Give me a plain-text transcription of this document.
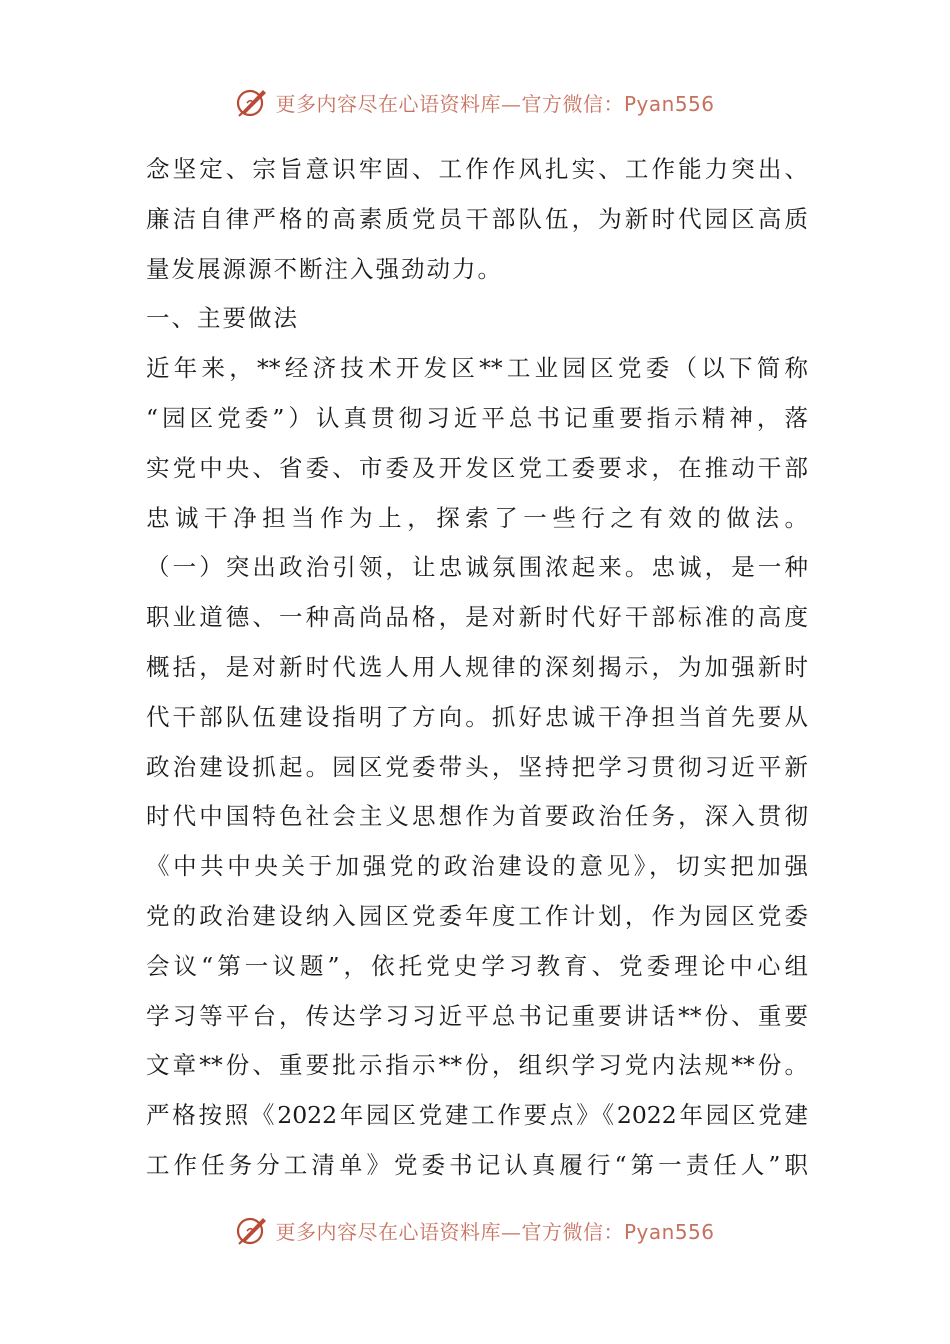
更多内容尽在心语资料库—官方微信：Pyan556
念坚定、宗旨意识牢固、工作作风扎实、工作能力突出、
廉洁自律严格的高素质党员干部队伍，为新时代园区高质
量发展源源不断注入强劲动力。
一、主要做法
近年来，**经济技术开发区**工业园区党委（以下简称
“园区党委”）认真贯彻习近平总书记重要指示精神，落
实党中央、省委、市委及开发区党工委要求，在推动干部
忠诚干净担当作为上，探索了一些行之有效的做法。
（一）突出政治引领，让忠诚氛围浓起来。忠诚，是一种
职业道德、一种高尚品格，是对新时代好干部标准的高度
概括，是对新时代选人用人规律的深刻揭示，为加强新时
代干部队伍建设指明了方向。抓好忠诚干净担当首先要从
政治建设抓起。园区党委带头，坚持把学习贯彻习近平新
时代中国特色社会主义思想作为首要政治任务，深入贯彻
《中共中央关于加强党的政治建设的意见》，切实把加强
党的政治建设纳入园区党委年度工作计划，作为园区党委
会议“第一议题”，依托党史学习教育、党委理论中心组
学习等平台，传达学习习近平总书记重要讲话**份、重要
文章**份、重要批示指示**份，组织学习党内法规**份。
严格按照《2022年园区党建工作要点》《2022年园区党建
工作任务分工清单》党委书记认真履行“第一责任人”职
更多内容尽在心语资料库—官方微信：Pyan556
